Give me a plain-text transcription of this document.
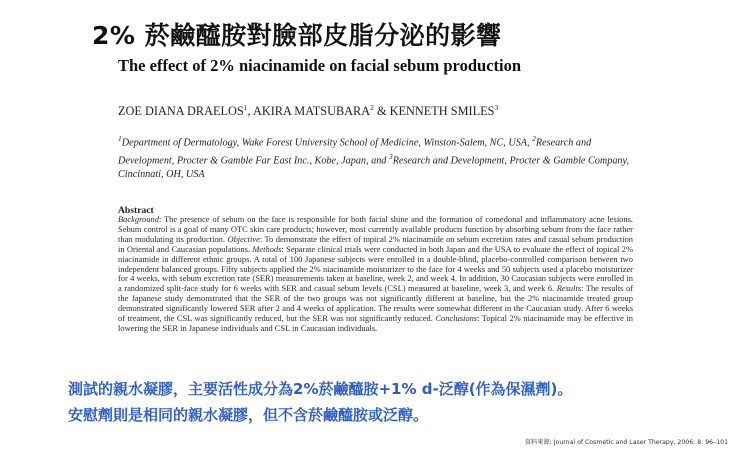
2% 菸鹼醯胺對臉部皮脂分泌的影響
The effect of 2% niacinamide on facial sebum production
ZOE DIANA DRAELOS$^1$, AKIRA MATSUBARA$^2$ & KENNETH SMILES$^3$
$^1$Department of Dermatology, Wake Forest University School of Medicine, Winston-Salem, NC, USA, $^2$Research and Development, Procter & Gamble Far East Inc., Kobe, Japan, and $^3$Research and Development, Procter & Gamble Company, Cincinnati, OH, USA
Abstract
Background: The presence of sebum on the face is responsible for both facial shine and the formation of comedonal and inflammatory acne lesions. Sebum control is a goal of many OTC skin care products; however, most currently available products function by absorbing sebum from the face rather than modulating its production. Objective: To demonstrate the effect of topical 2% niacinamide on sebum excretion rates and casual sebum production in Oriental and Caucasian populations. Methods: Separate clinical trials were conducted in both Japan and the USA to evaluate the effect of topical 2% niacinamide in different ethnic groups. A total of 100 Japanese subjects were enrolled in a double-blind, placebo-controlled comparison between two independent balanced groups. Fifty subjects applied the 2% niacinamide moisturizer to the face for 4 weeks and 50 subjects used a placebo moisturizer for 4 weeks, with sebum excretion rate (SER) measurements taken at baseline, week 2, and week 4. In addition, 30 Caucasian subjects were enrolled in a randomized split-face study for 6 weeks with SER and casual sebum levels (CSL) measured at baseline, week 3, and week 6. Results: The results of the Japanese study demonstrated that the SER of the two groups was not significantly different at baseline, but the 2% niacinamide treated group demonstrated significantly lowered SER after 2 and 4 weeks of application. The results were somewhat different in the Caucasian study. After 6 weeks of treatment, the CSL was significantly reduced, but the SER was not significantly reduced. Conclusions: Topical 2% niacinamide may be effective in lowering the SER in Japanese individuals and CSL in Caucasian individuals.
測試的親水凝膠，主要活性成分為2%菸鹼醯胺+1% d-泛醇(作為保濕劑)。
安慰劑則是相同的親水凝膠，但不含菸鹼醯胺或泛醇。
資料來源: Journal of Cosmetic and Laser Therapy, 2006; 8: 96–101
